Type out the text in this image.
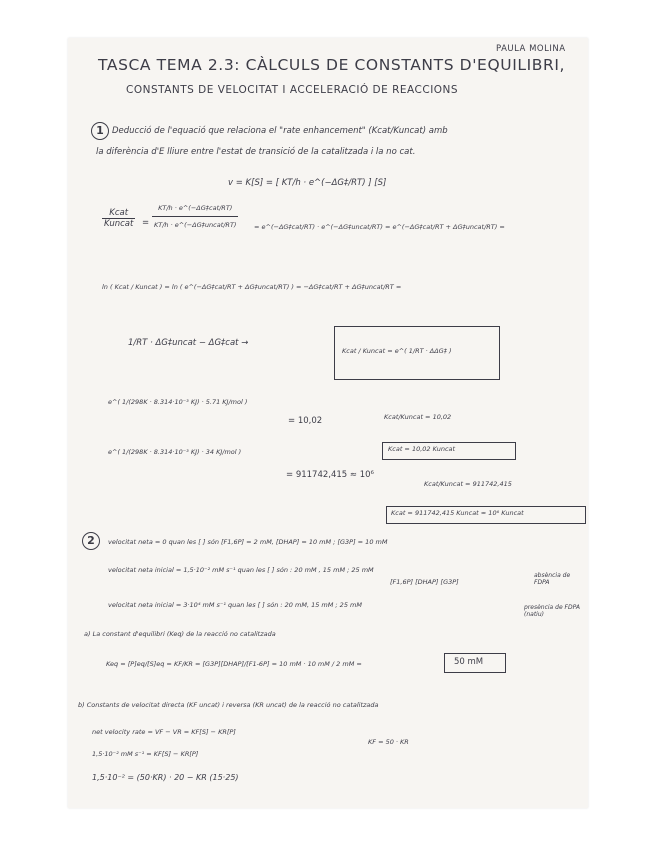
PAULA MOLINA
TASCA TEMA 2.3: CÀLCULS DE CONSTANTS D'EQUILIBRI,
CONSTANTS DE VELOCITAT I ACCELERACIÓ DE REACCIONS
1 Deducció de l'equació que relaciona el "rate enhancement" (Kcat/Kuncat) amb
la diferència d'E lliure entre l'estat de transició de la catalitzada i la no cat.
v = K[S] = [ KT/h · e^(−ΔG‡/RT) ] [S]
Kcat
Kuncat =
KT/h · e^(−ΔG‡cat/RT)
KT/h · e^(−ΔG‡uncat/RT)	= e^(−ΔG‡cat/RT) · e^(−ΔG‡uncat/RT) = e^(−ΔG‡cat/RT + ΔG‡uncat/RT) =
ln ( Kcat / Kuncat ) = ln ( e^(−ΔG‡cat/RT + ΔG‡uncat/RT) ) = −ΔG‡cat/RT + ΔG‡uncat/RT =
1/RT · ΔG‡uncat − ΔG‡cat →
Kcat / Kuncat = e^( 1/RT · ΔΔG‡ )
e^( 1/(298K · 8.314·10⁻³ KJ) · 5.71 KJ/mol )
= 10,02	Kcat/Kuncat = 10,02
Kcat = 10,02 Kuncat
e^( 1/(298K · 8.314·10⁻³ KJ) · 34 KJ/mol )
= 911742,415 ≈ 10⁶
Kcat/Kuncat = 911742,415
Kcat = 911742,415 Kuncat ≈ 10⁶ Kuncat
2	velocitat neta = 0 quan les [ ] són [F1,6P] = 2 mM, [DHAP] = 10 mM ; [G3P] = 10 mM
velocitat neta inicial = 1,5·10⁻² mM s⁻¹ quan les [ ] són : 20 mM , 15 mM ; 25 mM
[F1,6P] [DHAP] [G3P]
absència de FDPA
velocitat neta inicial = 3·10⁴ mM s⁻¹ quan les [ ] són : 20 mM, 15 mM ; 25 mM	presència de FDPA (natiu)
a) La constant d'equilibri (Keq) de la reacció no catalitzada
Keq = [P]eq/[S]eq = KF/KR = [G3P][DHAP]/[F1-6P] = 10 mM · 10 mM / 2 mM =	50 mM
b) Constants de velocitat directa (KF uncat) i reversa (KR uncat) de la reacció no catalitzada
net velocity rate = VF − VR = KF[S] − KR[P]
KF = 50 · KR
1,5·10⁻² mM s⁻¹ = KF[S] − KR[P]
1,5·10⁻² = (50·KR) · 20 − KR (15·25)
